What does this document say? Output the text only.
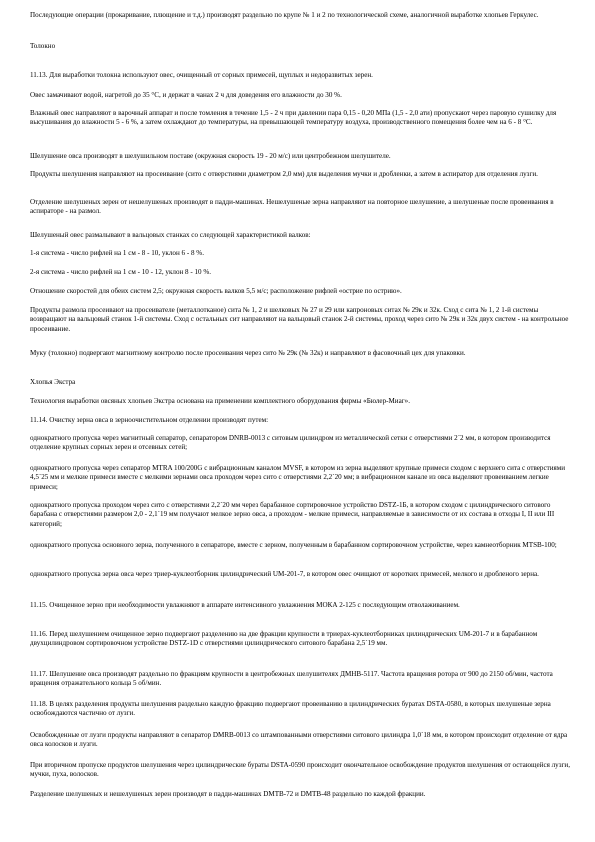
Последующие операции (прокаривание, плющение и т.д.) производят раздельно по крупе № 1 и 2 по технологической схеме, аналогичной выработке хлопьев Геркулес.

Толокно

11.13. Для выработки толокна используют овес, очищенный от сорных примесей, щуплых и недоразвитых зерен.

Овес замачивают водой, нагретой до 35 °С, и держат в чанах 2 ч для доведения его влажности до 30 %.

Влажный овес направляют в варочный аппарат и после томления в течение 1,5 - 2 ч при давлении пара 0,15 - 0,20 МПа (1,5 - 2,0 ати) пропускают через паровую сушилку для высушивания до влажности 5 - 6 %, а затем охлаждают до температуры, на превышающей температуру воздуха, производственного помещения более чем на 6 - 8 °С.

Шелушение овса производят в шелушильном поставе (окружная скорость 19 - 20 м/с) или центробежном шелушителе.

Продукты шелушения направляют на просеивание (сито с отверстиями диаметром 2,0 мм) для выделения мучки и дробленки, а затем в аспиратор для отделения лузги.

Отделение шелушеных зерен от нешелушеных производят в падди-машинах. Нешелушеные зерна направляют на повторное шелушение, а шелушеные после провеивания в аспираторе - на размол.

Шелушеный овес размалывают в вальцовых станках со следующей характеристикой валков:

1-я система - число рифлей на 1 см - 8 - 10, уклон 6 - 8 %.

2-я система - число рифлей на 1 см - 10 - 12, уклон 8 - 10 %.

Отношение скоростей для обеих систем 2,5; окружная скорость валков 5,5 м/с; расположение рифлей «острие по острию».

Продукты размола просеивают на просеивателе (металлотканое) сита № 1, 2 и шелковых № 27 и 29 или капроновых ситах № 29к и 32к. Сход с сита № 1, 2 1-й системы возвращают на вальцовый станок 1-й системы. Сход с остальных сит направляют на вальцовый станок 2-й системы, проход через сито № 29к и 32к двух систем - на контрольное просеивание.

Муку (толокно) подвергают магнитному контролю после просеивания через сито № 29к (№ 32к) и направляют в фасовочный цех для упаковки.

Хлопья Экстра

Технология выработки овсяных хлопьев Экстра основана на применении комплектного оборудования фирмы «Бюлер-Миаг».

11.14. Очистку зерна овса в зерноочистительном отделении производят путем:

однократного пропуска через магнитный сепаратор, сепаратором DNRB-0013 с ситовым цилиндром из металлической сетки с отверстиями 2´2 мм, в котором производится отделение крупных сорных зерен и отсевных сетей;

однократного пропуска через сепаратор MTRA 100/200G с вибрационным каналом MVSF, в котором из зерна выделяют крупные примеси сходом с верхнего сита с отверстиями 4,5´25 мм и мелкие примеси вместе с мелкими зернами овса проходом через сито с отверстиями 2,2´20 мм; в вибрационном канале из овса выделяют провеиванием легкие примеси;

однократного пропуска проходом через сито с отверстиями 2,2´20 мм через барабанное сортировочное устройство DSTZ-1Б, в котором сходом с цилиндрического ситового барабана с отверстиями размером 2,0 - 2,1´19 мм получают мелкое зерно овса, а проходом - мелкие примеси, направляемые в зависимости от их состава в отходы I, II или III категорий;

однократного пропуска основного зерна, полученного в сепараторе, вместе с зерном, полученным в барабанном сортировочном устройстве, через камнеотборник MTSB-100;

однократного пропуска зерна овса через триер-куклеотборник цилиндрический UM-201-7, в котором овес очищают от коротких примесей, мелкого и дробленого зерна.

11.15. Очищенное зерно при необходимости увлажняют в аппарате интенсивного увлажнения МОКА 2-125 с последующим отволаживанием.

11.16. Перед шелушением очищенное зерно подвергают разделению на две фракции крупности в триерах-куклеотборниках цилиндрических UM-201-7 и в барабанном двухцилиндровом сортировочном устройстве DSTZ-1D с отверстиями цилиндрического ситового барабана 2,5´19 мм.

11.17. Шелушение овса производят раздельно по фракциям крупности в центробежных шелушителях ДМНВ-5117. Частота вращения ротора от 900 до 2150 об/мин, частота вращения отражательного кольца 5 об/мин.

11.18. В целях разделения продукты шелушения раздельно каждую фракцию подвергают провеиванию в цилиндрических буратах DSTA-0580, в которых шелушеные зерна освобождаются частично от лузги.

Освобожденные от лузги продукты направляют в сепаратор DMRB-0013 со штампованными отверстиями ситового цилиндра 1,0´18 мм, в котором происходит отделение от ядра овса колосков и лузги.

При вторичном пропуске продуктов шелушения через цилиндрические бураты DSTA-0590 происходит окончательное освобождение продуктов шелушения от остающейся лузги, мучки, пуха, волосков.

Разделение шелушеных и нешелушеных зерен производят в падди-машинах DMTB-72 и DMTB-48 раздельно по каждой фракции.
